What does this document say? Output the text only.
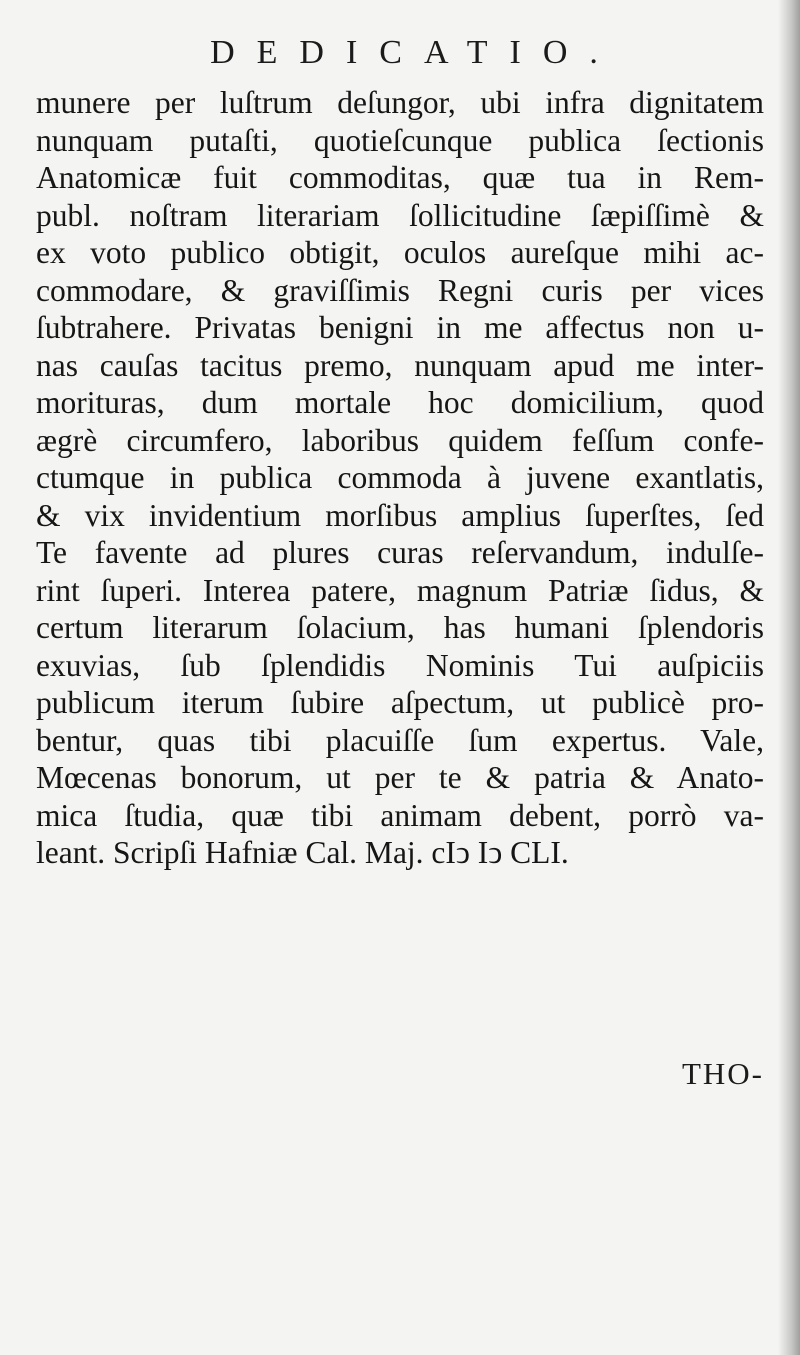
DEDICATIO.
munere per luſtrum deſungor, ubi infra dignitatem
nunquam putaſti, quotieſcunque publica ſectionis
Anatomicæ fuit commoditas, quæ tua in Rem-
publ. noſtram literariam ſollicitudine ſæpiſſimè &
ex voto publico obtigit, oculos aureſque mihi ac-
commodare, & graviſſimis Regni curis per vices
ſubtrahere. Privatas benigni in me affectus non u-
nas cauſas tacitus premo, nunquam apud me inter-
morituras, dum mortale hoc domicilium, quod
ægrè circumfero, laboribus quidem feſſum confe-
ctumque in publica commoda à juvene exantlatis,
& vix invidentium morſibus amplius ſuperſtes, ſed
Te favente ad plures curas reſervandum, indulſe-
rint ſuperi. Interea patere, magnum Patriæ ſidus, &
certum literarum ſolacium, has humani ſplendoris
exuvias, ſub ſplendidis Nominis Tui auſpiciis
publicum iterum ſubire aſpectum, ut publicè pro-
bentur, quas tibi placuiſſe ſum expertus. Vale,
Mœcenas bonorum, ut per te & patria & Anato-
mica ſtudia, quæ tibi animam debent, porrò va-
leant. Scripſi Hafniæ Cal. Maj. cIↄ Iↄ CLI.
THO-
